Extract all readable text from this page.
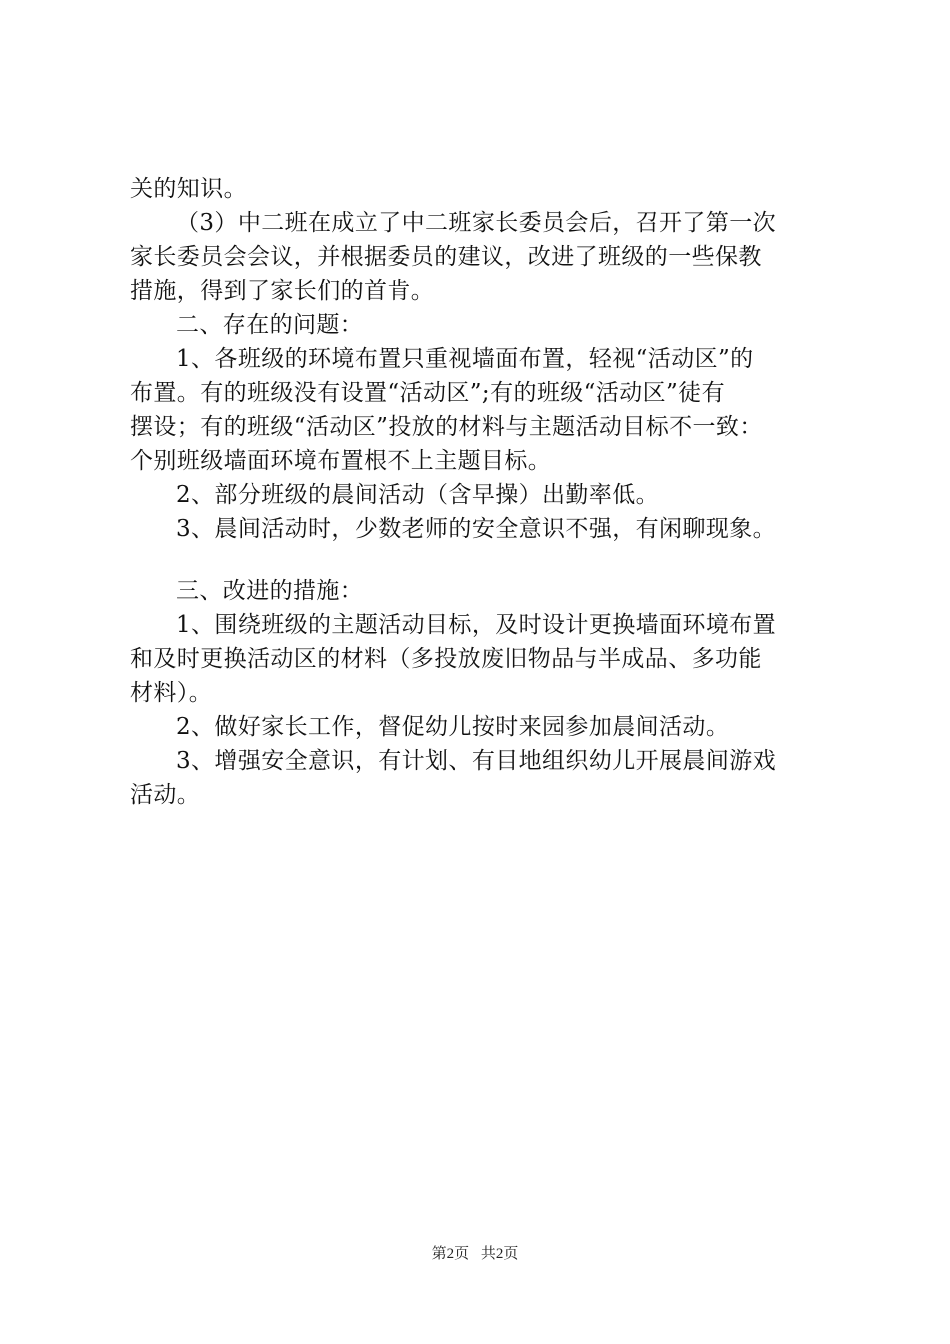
关的知识。
（3）中二班在成立了中二班家长委员会后，召开了第一次
家长委员会会议，并根据委员的建议，改进了班级的一些保教
措施，得到了家长们的首肯。
二、存在的问题：
1、各班级的环境布置只重视墙面布置，轻视“活动区”的
布置。有的班级没有设置“活动区”;有的班级“活动区”徒有
摆设；有的班级“活动区”投放的材料与主题活动目标不一致：
个别班级墙面环境布置根不上主题目标。
2、部分班级的晨间活动（含早操）出勤率低。
3、晨间活动时，少数老师的安全意识不强，有闲聊现象。
三、改进的措施：
1、围绕班级的主题活动目标，及时设计更换墙面环境布置
和及时更换活动区的材料（多投放废旧物品与半成品、多功能
材料）。
2、做好家长工作，督促幼儿按时来园参加晨间活动。
3、增强安全意识，有计划、有目地组织幼儿开展晨间游戏
活动。
第2页 共2页
